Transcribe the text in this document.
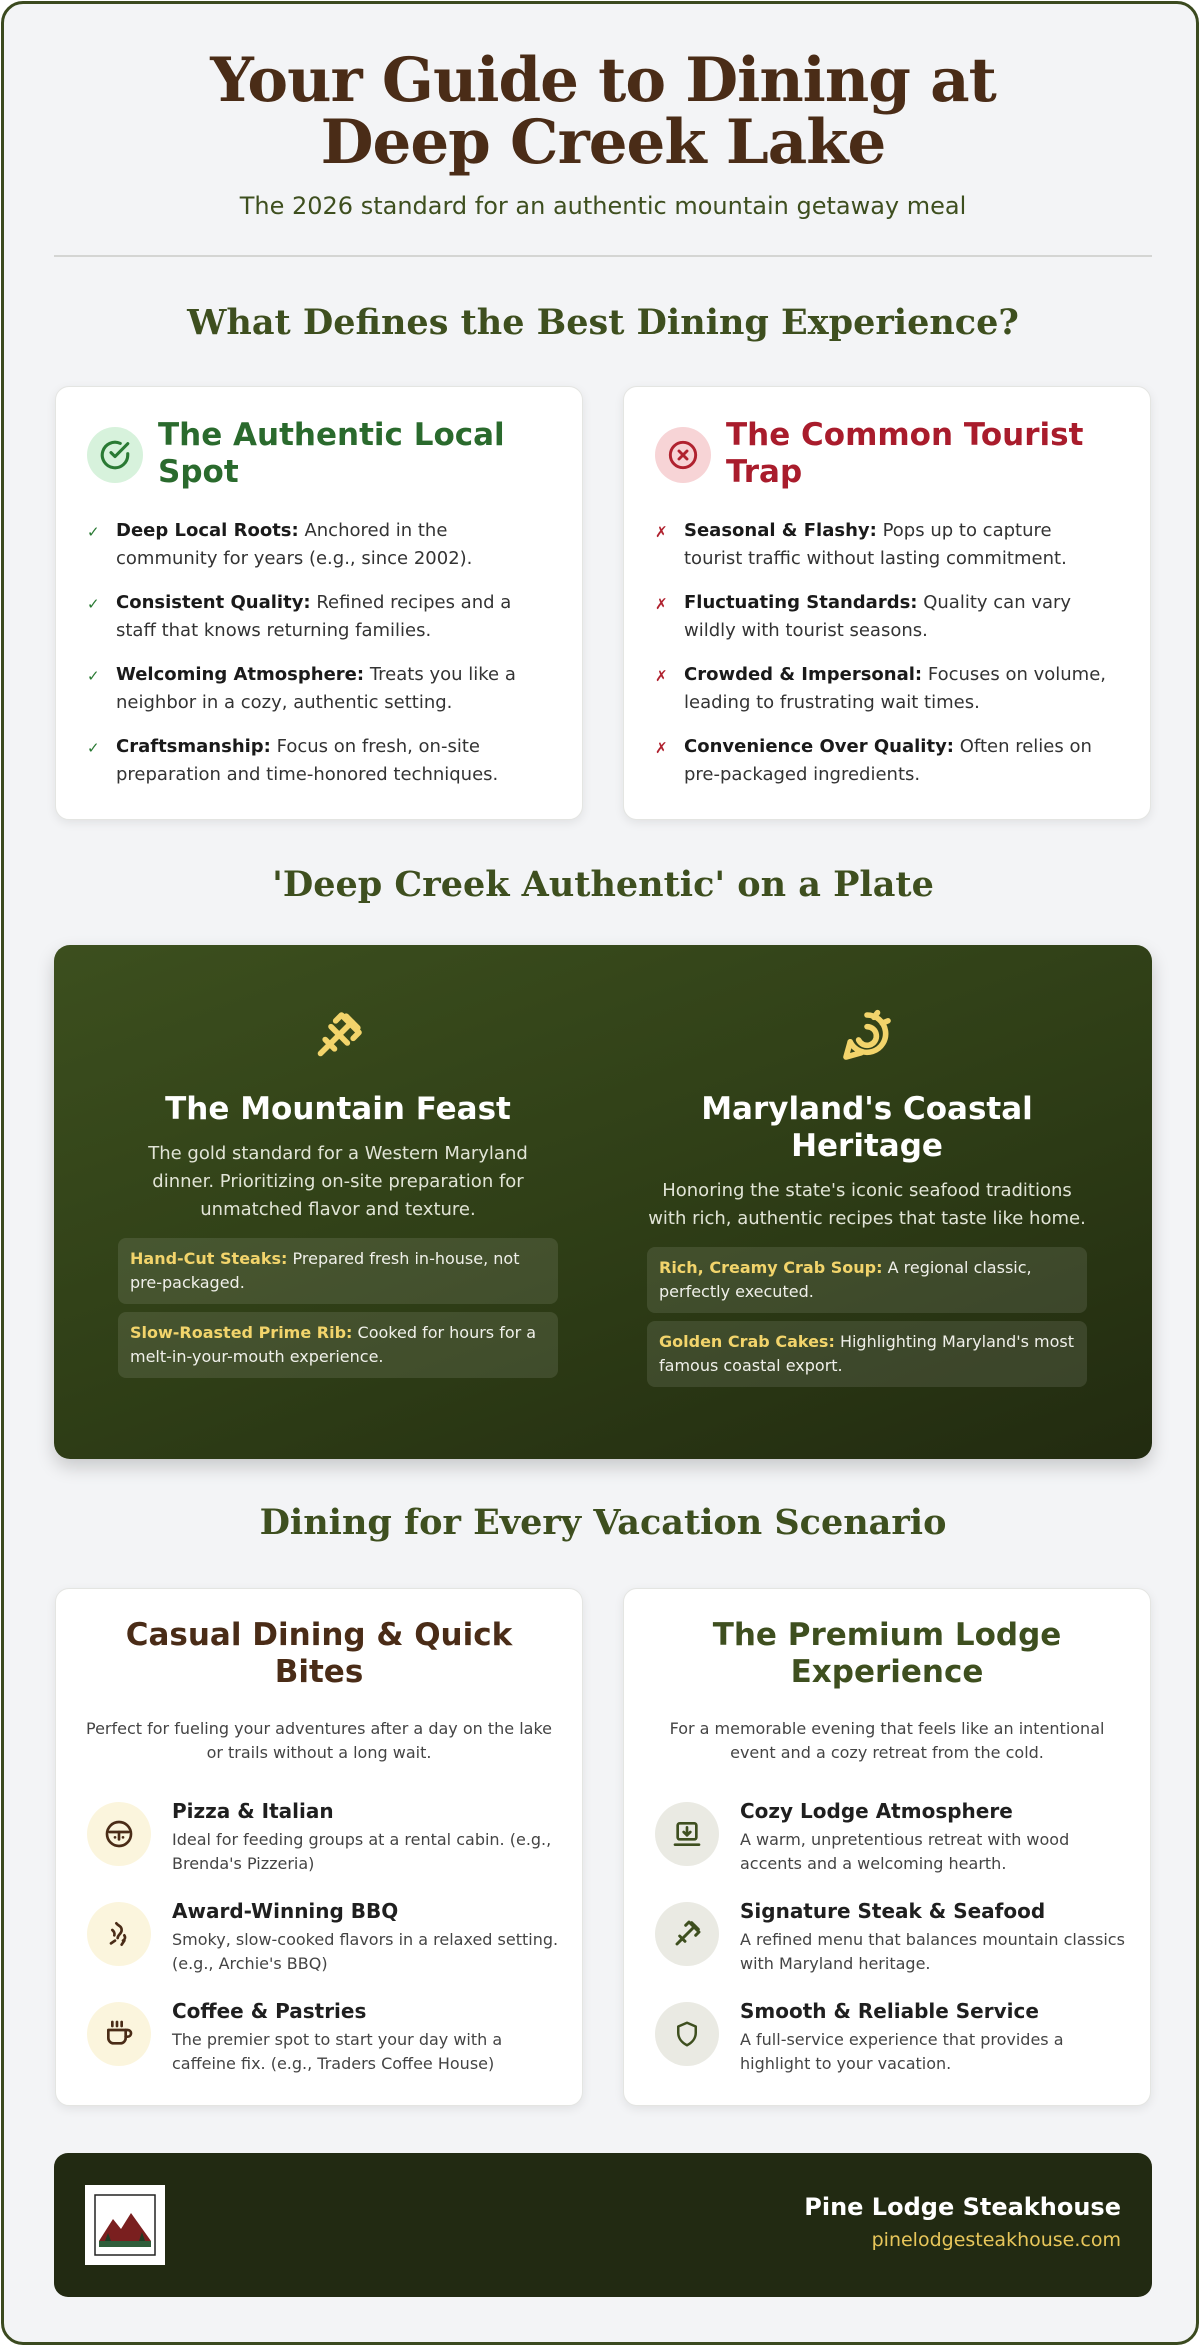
Your Guide to Dining at Deep Creek Lake

The 2026 standard for an authentic mountain getaway meal

What Defines the Best Dining Experience?
The Authentic Local Spot
✓ Deep Local Roots: Anchored in the community for years (e.g., since 2002).
✓ Consistent Quality: Refined recipes and a staff that knows returning families.
✓ Welcoming Atmosphere: Treats you like a neighbor in a cozy, authentic setting.
✓ Craftsmanship: Focus on fresh, on-site preparation and time-honored techniques.
The Common Tourist Trap
✗ Seasonal & Flashy: Pops up to capture tourist traffic without lasting commitment.
✗ Fluctuating Standards: Quality can vary wildly with tourist seasons.
✗ Crowded & Impersonal: Focuses on volume, leading to frustrating wait times.
✗ Convenience Over Quality: Often relies on pre-packaged ingredients.
'Deep Creek Authentic' on a Plate
The Mountain Feast
The gold standard for a Western Maryland dinner. Prioritizing on-site preparation for unmatched flavor and texture.
Hand-Cut Steaks: Prepared fresh in-house, not pre-packaged.
Slow-Roasted Prime Rib: Cooked for hours for a melt-in-your-mouth experience.
Maryland's Coastal Heritage
Honoring the state's iconic seafood traditions with rich, authentic recipes that taste like home.
Rich, Creamy Crab Soup: A regional classic, perfectly executed.
Golden Crab Cakes: Highlighting Maryland's most famous coastal export.
Dining for Every Vacation Scenario
Casual Dining & Quick Bites
Perfect for fueling your adventures after a day on the lake or trails without a long wait.
Pizza & Italian
Ideal for feeding groups at a rental cabin. (e.g., Brenda's Pizzeria)
Award-Winning BBQ
Smoky, slow-cooked flavors in a relaxed setting. (e.g., Archie's BBQ)
Coffee & Pastries
The premier spot to start your day with a caffeine fix. (e.g., Traders Coffee House)
The Premium Lodge Experience
For a memorable evening that feels like an intentional event and a cozy retreat from the cold.
Cozy Lodge Atmosphere
A warm, unpretentious retreat with wood accents and a welcoming hearth.
Signature Steak & Seafood
A refined menu that balances mountain classics with Maryland heritage.
Smooth & Reliable Service
A full-service experience that provides a highlight to your vacation.
Pine Lodge Steakhouse
pinelodgesteakhouse.com
